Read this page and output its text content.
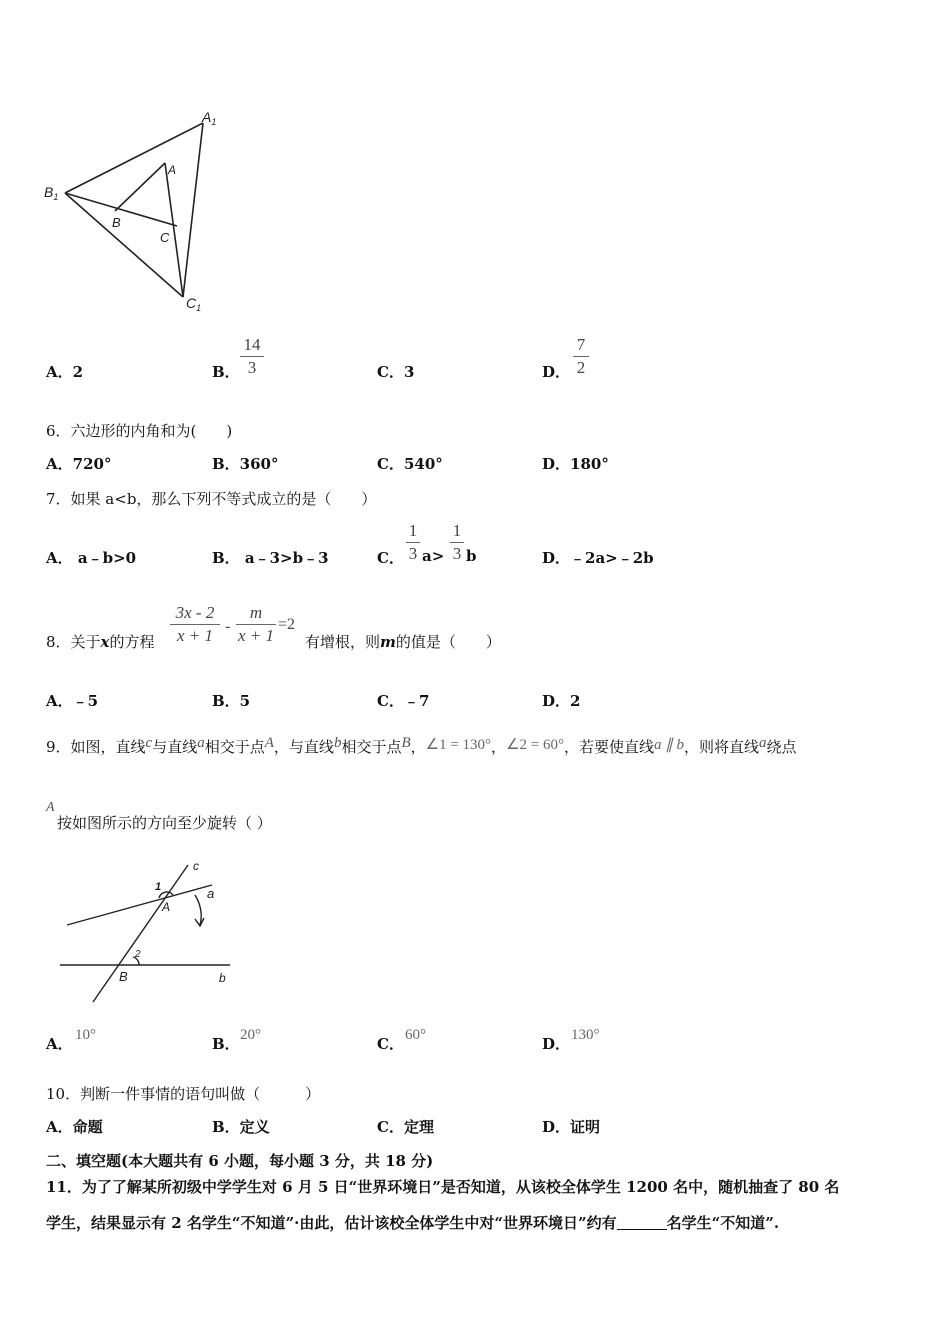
$A_1$
A
$B_1$
B
C
$C_1$
A．2	B．
14
3	C．3	D．
7
2
6．六边形的内角和为(　　)
A．720°	B．360°	C．540°	D．180°
7．如果 a<b，那么下列不等式成立的是（　　）
A． a﹣b>0	B． a﹣3>b﹣3	C．
1
3 a>
1
3 b	D．﹣2a>﹣2b
8．关于x的方程
3x - 2
x + 1 -
m
x + 1
=2
有增根，则m的值是（　　）
A．﹣5	B．5	C．﹣7	D．2
9．如图，直线c与直线a相交于点A，与直线b相交于点B，∠1 = 130°，∠2 = 60°，若要使直线a ∥ b，则将直线a绕点
A
按如图所示的方向至少旋转（ ）
c
1	a
A
2
B	b
A． 10°	B． 20°	C． 60°	D． 130°
10．判断一件事情的语句叫做（　　　）
A．命题	B．定义	C．定理	D．证明
二、填空题(本大题共有 6 小题，每小题 3 分，共 18 分)
11．为了了解某所初级中学学生对 6 月 5 日“世界环境日”是否知道，从该校全体学生 1200 名中，随机抽查了 80 名
学生，结果显示有 2 名学生“不知道”·由此，估计该校全体学生中对“世界环境日”约有	名学生“不知道”.
